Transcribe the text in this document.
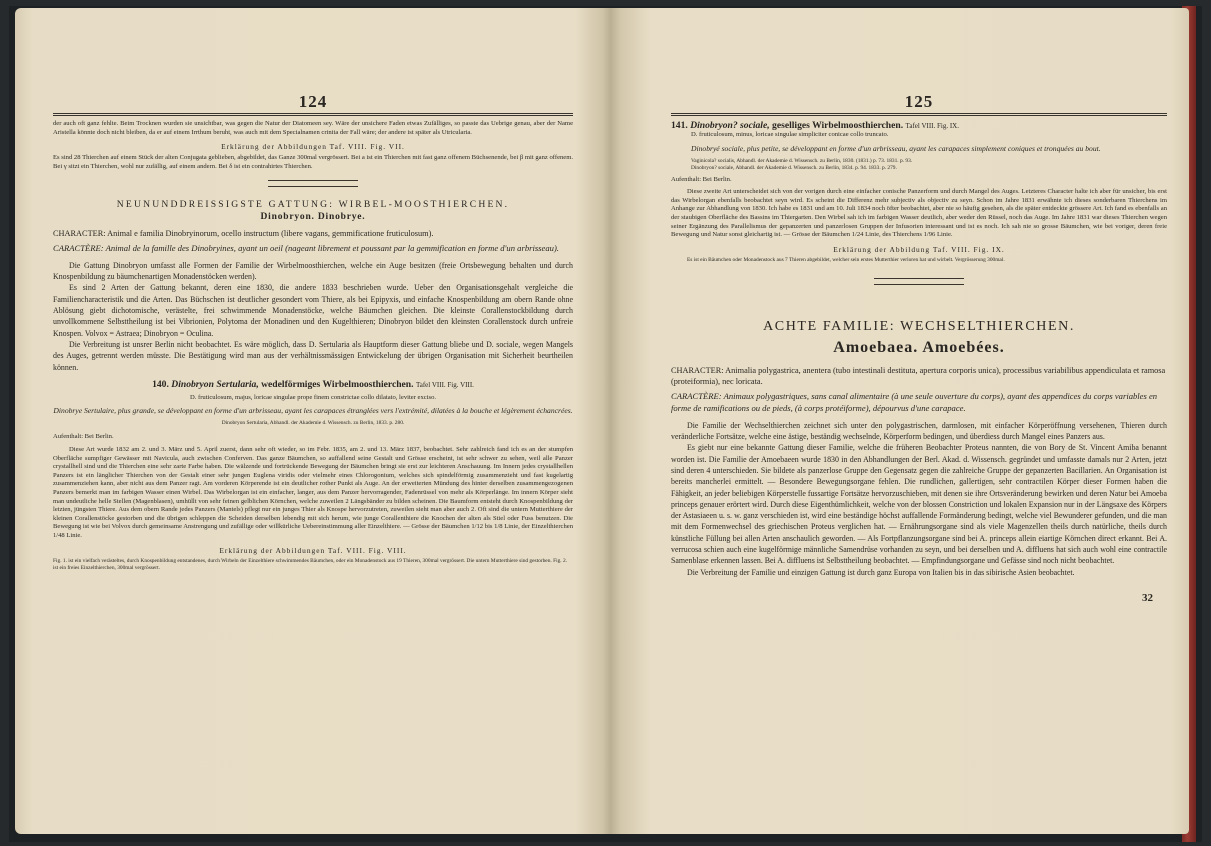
124
der auch oft ganz fehlte. Beim Trocknen wurden sie unsichtbar, was gegen die Natur der Diatomeen sey. Wäre der unsichere Faden etwas Zufälliges, so passte das Uebrige genau, aber der Name Aristella könnte doch nicht bleiben, da er auf einem Irrthum beruht, was auch mit dem Specialnamen crinita der Fall wäre; der andere ist später als Utricularia.
Erklärung der Abbildungen Taf. VIII. Fig. VII.
Es sind 28 Thierchen auf einem Stück der alten Conjugata geblieben, abgebildet, das Ganze 300mal vergrössert. Bei a ist ein Thierchen mit fast ganz offenem Büchsenende, bei β mit ganz offenem. Bei γ sitzt ein Thierchen, wohl nur zufällig, auf einem andern. Bei δ ist ein contrahirtes Thierchen.
NEUNUNDDREISSIGSTE GATTUNG: WIRBEL-MOOSTHIERCHEN.
Dinobryon. Dinobrye.
CHARACTER: Animal e familia Dinobryinorum, ocello instructum (libere vagans, gemmificatione fruticulosum).
CARACTÈRE: Animal de la famille des Dinobryines, ayant un oeil (nageant librement et poussant par la gemmification en forme d'un arbrisseau).
Die Gattung Dinobryon umfasst alle Formen der Familie der Wirbelmoosthierchen, welche ein Auge besitzen (freie Ortsbewegung behalten und durch Knospenbildung zu bäumchenartigen Monadenstöcken werden).
Es sind 2 Arten der Gattung bekannt, deren eine 1830, die andere 1833 beschrieben wurde. Ueber den Organisationsgehalt vergleiche die Familiencharacteristik und die Arten. Das Büchschen ist deutlicher gesondert vom Thiere, als bei Epipyxis, und einfache Knospenbildung am obern Rande ohne Ablösung giebt dichotomische, verästelte, frei schwimmende Monadenstöcke, welche Bäumchen gleichen. Die kleinste Corallenstockbildung durch unvollkommene Selbsttheilung ist bei Vibrionien, Polytoma der Monadinen und den Kugelthieren; Dinobryon bildet den kleinsten Corallenstock durch unfreie Knospen. Volvox = Astraea; Dinobryon = Oculina.
Die Verbreitung ist unsrer Berlin nicht beobachtet. Es wäre möglich, dass D. Sertularia als Hauptform dieser Gattung bliebe und D. sociale, wegen Mangels des Auges, getrennt werden müsste. Die Bestätigung wird man aus der verhältnissmässigen Entwickelung der übrigen Organisation mit Sicherheit beurtheilen können.
140. Dinobryon Sertularia, wedelförmiges Wirbelmoosthierchen. Tafel VIII. Fig. VIII.
D. fruticulosum, majus, loricae singulae prope finem constrictae collo dilatato, leviter exciso.
Dinobrye Sertulaire, plus grande, se développant en forme d'un arbrisseau, ayant les carapaces étranglées vers l'extrémité, dilatées à la bouche et légèrement échancrées.
Dinobryon Sertularia, Abhandl. der Akademie d. Wissensch. zu Berlin, 1833. p. 280.
Aufenthalt: Bei Berlin.
Diese Art wurde 1832 am 2. und 3. März und 5. April zuerst, dann sehr oft wieder, so im Febr. 1835, am 2. und 13. März 1837, beobachtet. Sehr zahlreich fand ich es an der stumpfen Oberfläche sumpfiger Gewässer mit Navicula, auch zwischen Conferven. Das ganze Bäumchen, so auffallend seine Gestalt und Grösse erscheint, ist sehr schwer zu sehen, weil alle Panzer crystallhell sind und die Thierchen eine sehr zarte Farbe haben. Die wälzende und fortrückende Bewegung der Bäumchen bringt sie erst zur leichteren Anschauung. Im Innern jedes crystallhellen Panzers ist ein länglicher Thierchen von der Gestalt einer sehr jungen Euglena viridis oder vielmehr eines Chlorogonium, welches sich spindelförmig zusammenzieht und fast kugelartig zusammenziehen kann, aber nicht aus dem Panzer ragt. Am vorderen Körperende ist ein deutlicher rother Punkt als Auge. An der erweiterten Mündung des hinter derselben zusammengezogenen Panzers bemerkt man im farbigen Wasser einen Wirbel. Das Wirbelorgan ist ein einfacher, langer, aus dem Panzer hervorragender, Fadenrüssel von mehr als Körperlänge. Im innern Körper sieht man undeutliche helle Stellen (Magenblasen), umhüllt von sehr feinen gelblichen Körnchen, welche zuweilen 2 Längsbänder zu bilden scheinen. Die Baumform entsteht durch Knospenbildung der letzten, jüngsten Thiere. Aus dem obern Rande jedes Panzers (Mantels) pflegt nur ein junges Thier als Knospe hervorzutreten, zuweilen sieht man aber auch 2. Oft sind die untern Mutterthiere der kleinen Corallenstöcke gestorben und die übrigen schleppen die Scheiden derselben lebendig mit sich herum, wie junge Corallenthiere die Knochen der alten als Stiel oder Fuss benutzen. Die Bewegung ist wie bei Volvox durch gemeinsame Anstrengung und zufällige oder willkürliche Uebereinstimmung aller Einzelthiere. — Grösse der Bäumchen 1/12 bis 1/8 Linie, der Einzelthierchen 1/48 Linie.
Erklärung der Abbildungen Taf. VIII. Fig. VIII.
Fig. 1. ist ein vielfach verästeltes, durch Knospenbildung entstandenes, durch Wirbeln der Einzelthiere schwimmendes Bäumchen, oder ein Monadenstock aus 19 Thieren, 300mal vergrössert. Die untern Mutterthiere sind gestorben. Fig. 2. ist ein freies Einzelthierchen, 300mal vergrössert.
125
141. Dinobryon? sociale, geselliges Wirbelmoosthierchen. Tafel VIII. Fig. IX.
D. fruticulosum, minus, loricae singulae simpliciter conicae collo truncato.
Dinobryé sociale, plus petite, se développant en forme d'un arbrisseau, ayant les carapaces simplement coniques et tronquées au bout.
Vaginicola? socialis, Abhandl. der Akademie d. Wissensch. zu Berlin, 1830. (1831.) p. 73. 1831. p. 93.
Dinobryon? sociale, Abhandl. der Akademie d. Wissensch. zu Berlin, 1834. p. 94. 1833. p. 279.
Aufenthalt: Bei Berlin.
Diese zweite Art unterscheidet sich von der vorigen durch eine einfacher conische Panzerform und durch Mangel des Auges. Letzteres Character halte ich aber für unsicher, bis erst das Wirbelorgan ebenfalls beobachtet seyn wird. Es scheint die Differenz mehr subjectiv als objectiv zu seyn. Schon im Jahre 1831 erwähnte ich dieses sonderbaren Thierchens im Anhange zur Abhandlung von 1830. Ich habe es 1831 und am 10. Juli 1834 noch öfter beobachtet, aber nie so häufig gesehen, als die später entdeckte grössere Art. Ich fand es ebenfalls an der staubigen Oberfläche des Bassins im Thiergarten. Den Wirbel sah ich im farbigen Wasser deutlich, aber weder den Rüssel, noch das Auge. Im Jahre 1831 war dieses Thierchen wegen seiner Ergänzung des Parallelismus der gepanzerten und panzerlosen Gruppen der Infusorien interessant und ist es noch. Ich sah nie so grosse Bäumchen, wie bei voriger, deren freie Bewegung und Natur sonst gleichartig ist. — Grösse der Bäumchen 1/24 Linie, des Thierchens 1/96 Linie.
Erklärung der Abbildung Taf. VIII. Fig. IX.
Es ist ein Bäumchen oder Monadenstock aus 7 Thieren abgebildet, welcher sein erstes Mutterthier verloren hat und wirbelt. Vergrösserung 300mal.
ACHTE FAMILIE: WECHSELTHIERCHEN.
Amoebaea. Amoebées.
CHARACTER: Animalia polygastrica, anentera (tubo intestinali destituta, apertura corporis unica), processibus variabilibus appendiculata et ramosa (proteiformia), nec loricata.
CARACTÈRE: Animaux polygastriques, sans canal alimentaire (à une seule ouverture du corps), ayant des appendices du corps variables en forme de ramifications ou de pieds, (à corps protéiforme), dépourvus d'une carapace.
Die Familie der Wechselthierchen zeichnet sich unter den polygastrischen, darmlosen, mit einfacher Körperöffnung versehenen, Thieren durch veränderliche Fortsätze, welche eine ästige, beständig wechselnde, Körperform bedingen, und überdiess durch Mangel eines Panzers aus.
Es giebt nur eine bekannte Gattung dieser Familie, welche die früheren Beobachter Proteus nannten, die von Bory de St. Vincent Amiba benannt worden ist. Die Familie der Amoebaeen wurde 1830 in den Abhandlungen der Berl. Akad. d. Wissensch. gegründet und umfasste damals nur 2 Arten, jetzt sind deren 4 unterschieden. Sie bildete als panzerlose Gruppe den Gegensatz gegen die zahlreiche Gruppe der gepanzerten Bacillarien. An Organisation ist bereits mancherlei ermittelt. — Besondere Bewegungsorgane fehlen. Die rundlichen, gallertigen, sehr contractilen Körper dieser Formen haben die Fähigkeit, an jeder beliebigen Körperstelle fussartige Fortsätze hervorzuschieben, mit denen sie ihre Ortsveränderung bewirken und deren Natur bei Amoeba princeps genauer erörtert wird. Durch diese Eigenthümlichkeit, welche von der blossen Constriction und lokalen Expansion nur in der Längsaxe des Körpers der Astasiaeen u. s. w. ganz verschieden ist, wird eine beständige höchst auffallende Formänderung bedingt, welche viel Bewunderer gefunden, und die man mit dem Formenwechsel des griechischen Proteus verglichen hat. — Ernährungsorgane sind als viele Magenzellen theils durch natürliche, theils durch künstliche Füllung bei allen Arten anschaulich geworden. — Als Fortpflanzungsorgane sind bei A. princeps allein eiartige Körnchen direct erkannt. Bei A. verrucosa schien auch eine kugelförmige männliche Samendrüse vorhanden zu seyn, und bei derselben und A. diffluens hat sich auch wohl eine contractile Samenblase erkennen lassen. Bei A. diffluens ist Selbsttheilung beobachtet. — Empfindungsorgane und Gefässe sind noch nicht beobachtet.
Die Verbreitung der Familie und einzigen Gattung ist durch ganz Europa von Italien bis in das sibirische Asien beobachtet.
32
